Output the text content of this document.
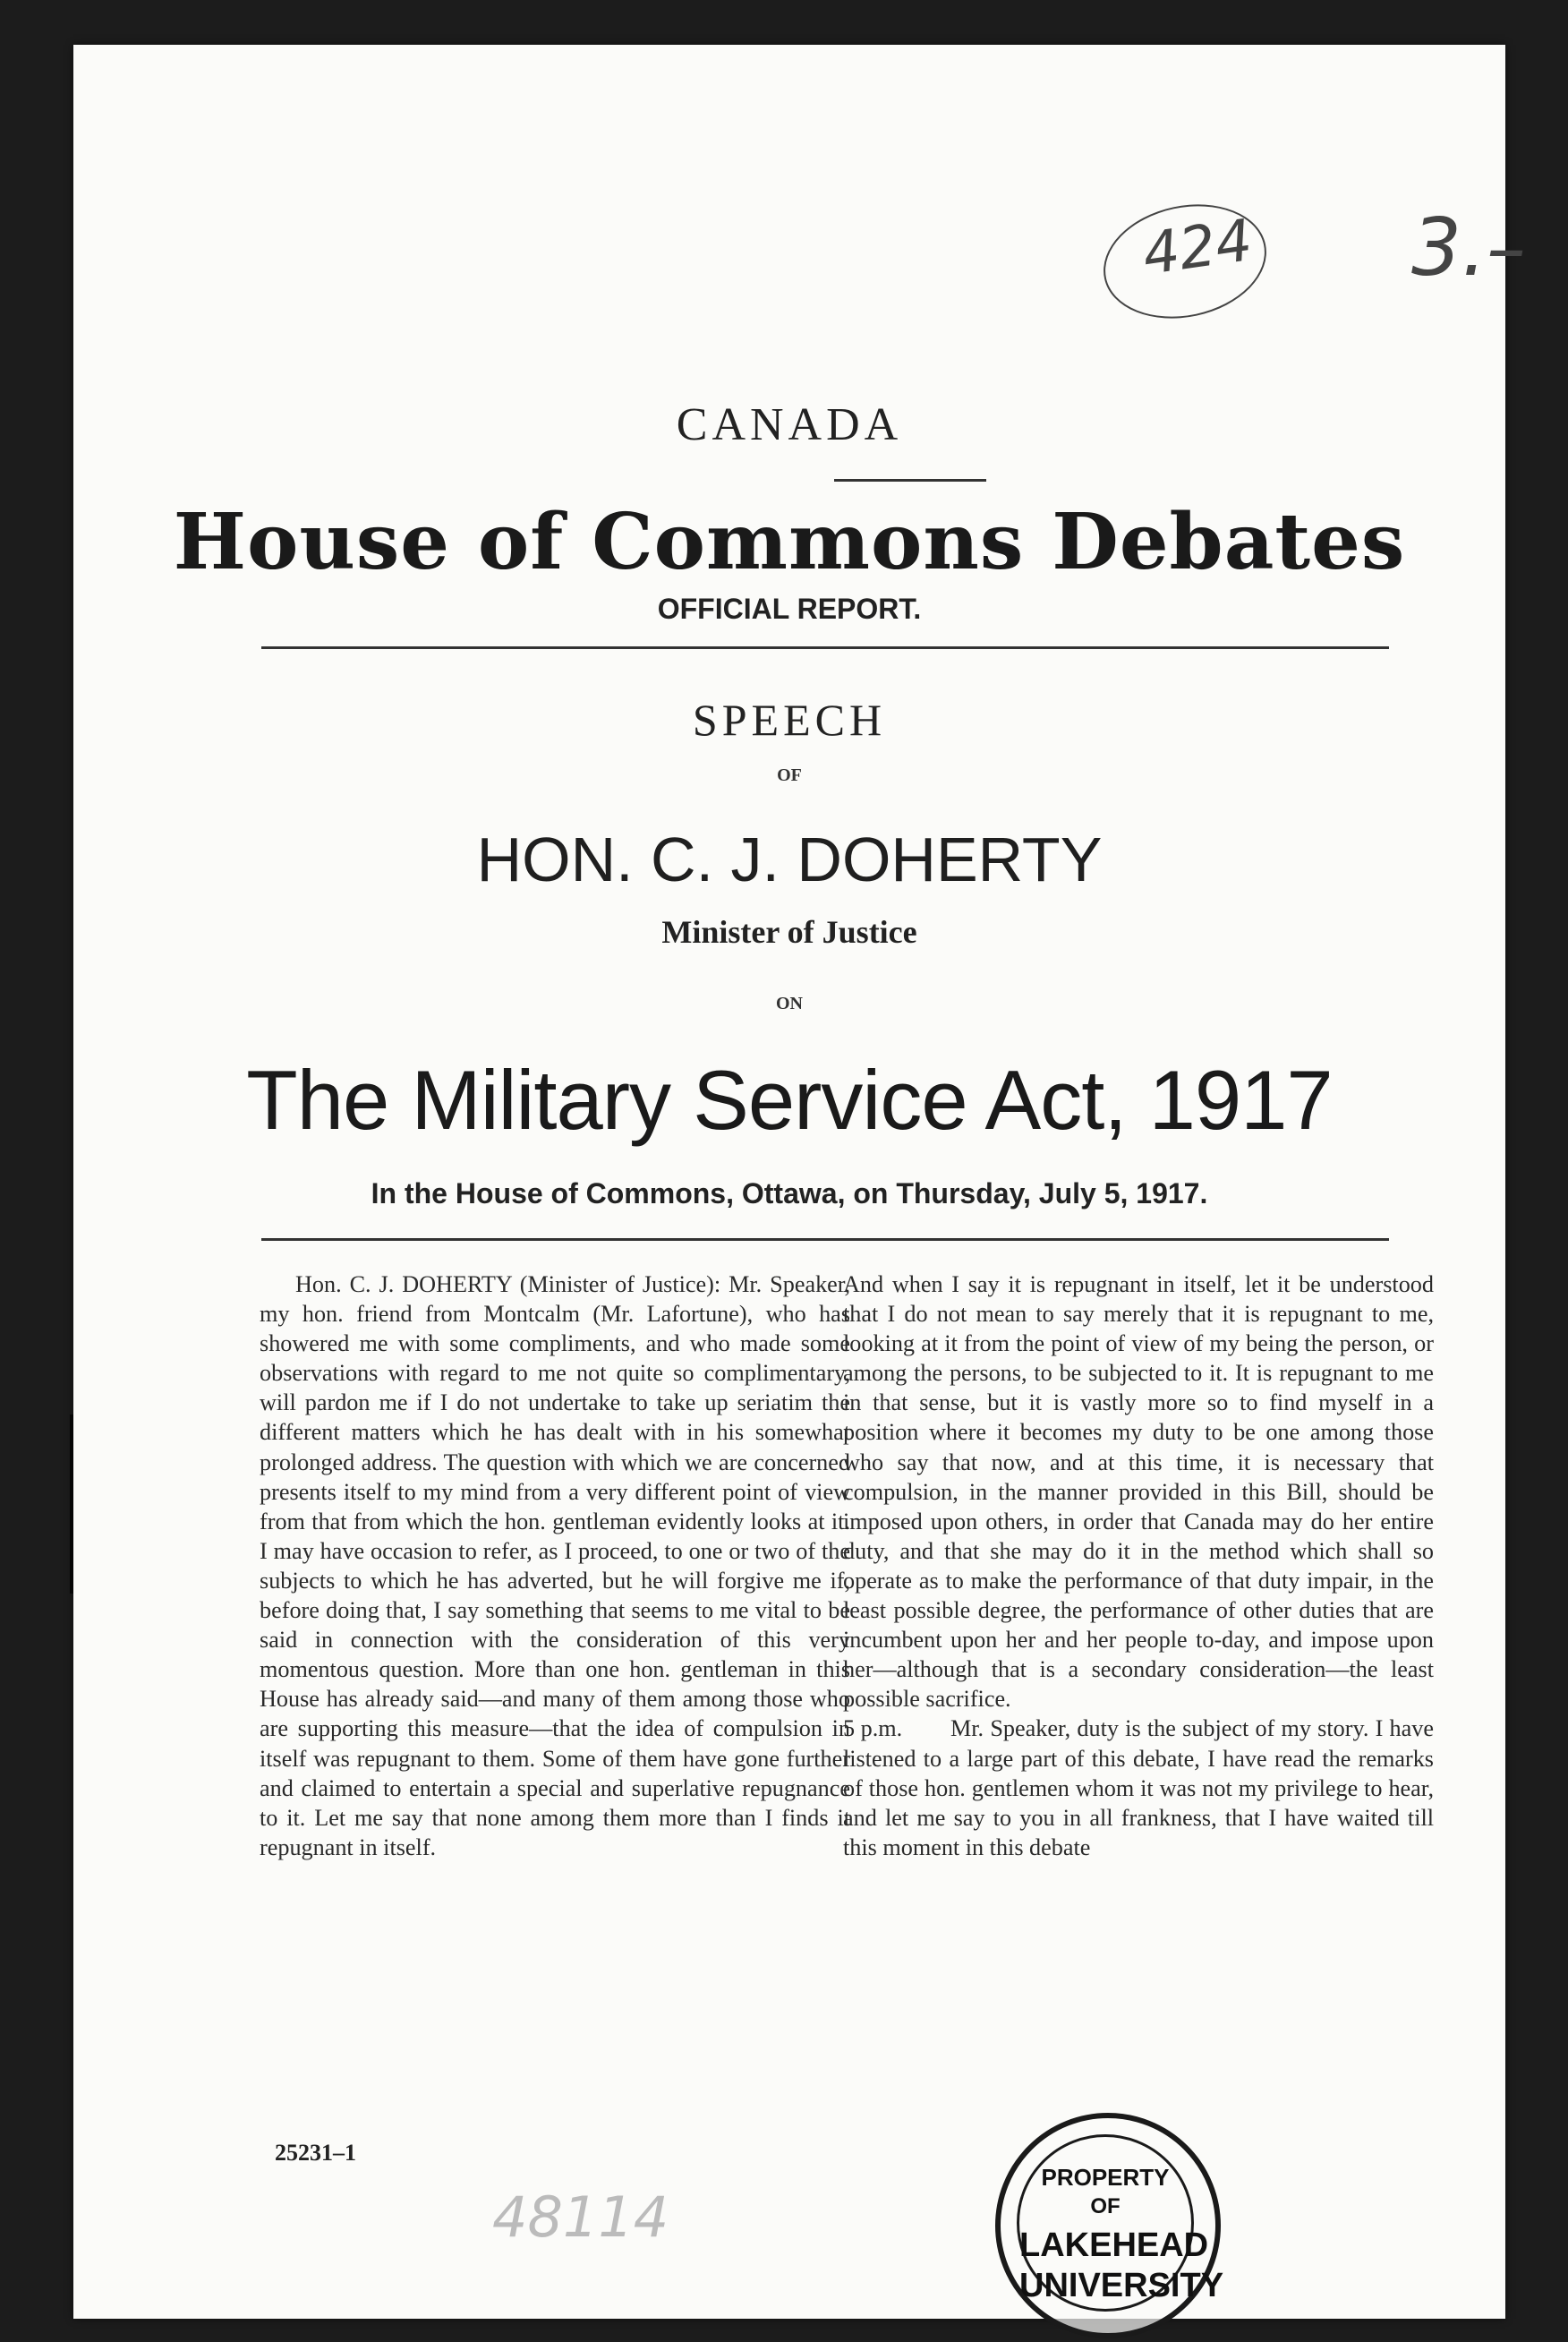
424 3.–
CANADA
House of Commons Debates
OFFICIAL REPORT.
SPEECH
OF
HON. C. J. DOHERTY
Minister of Justice
ON
The Military Service Act, 1917
In the House of Commons, Ottawa, on Thursday, July 5, 1917.

Hon. C. J. DOHERTY (Minister of Justice): Mr. Speaker, my hon. friend from Montcalm (Mr. Lafortune), who has showered me with some compliments, and who made some observations with regard to me not quite so complimentary, will pardon me if I do not undertake to take up seriatim the different matters which he has dealt with in his somewhat prolonged address. The question with which we are concerned presents itself to my mind from a very different point of view from that from which the hon. gentleman evidently looks at it. I may have occasion to refer, as I proceed, to one or two of the subjects to which he has adverted, but he will forgive me if, before doing that, I say something that seems to me vital to be said in connection with the consideration of this very momentous question. More than one hon. gentleman in this House has already said—and many of them among those who are supporting this measure—that the idea of compulsion in itself was repugnant to them. Some of them have gone further and claimed to entertain a special and superlative repugnance to it. Let me say that none among them more than I finds it repugnant in itself.

And when I say it is repugnant in itself, let it be understood that I do not mean to say merely that it is repugnant to me, looking at it from the point of view of my being the person, or among the persons, to be subjected to it. It is repugnant to me in that sense, but it is vastly more so to find myself in a position where it becomes my duty to be one among those who say that now, and at this time, it is necessary that compulsion, in the manner provided in this Bill, should be imposed upon others, in order that Canada may do her entire duty, and that she may do it in the method which shall so operate as to make the performance of that duty impair, in the least possible degree, the performance of other duties that are incumbent upon her and her people to-day, and impose upon her—although that is a secondary consideration—the least possible sacrifice.

5 p.m.	Mr. Speaker, duty is the subject of my story. I have listened to a large part of this debate, I have read the remarks of those hon. gentlemen whom it was not my privilege to hear, and let me say to you in all frankness, that I have waited till this moment in this debate

25231–1
48114
PROPERTY
OF
LAKEHEAD
UNIVERSITY
